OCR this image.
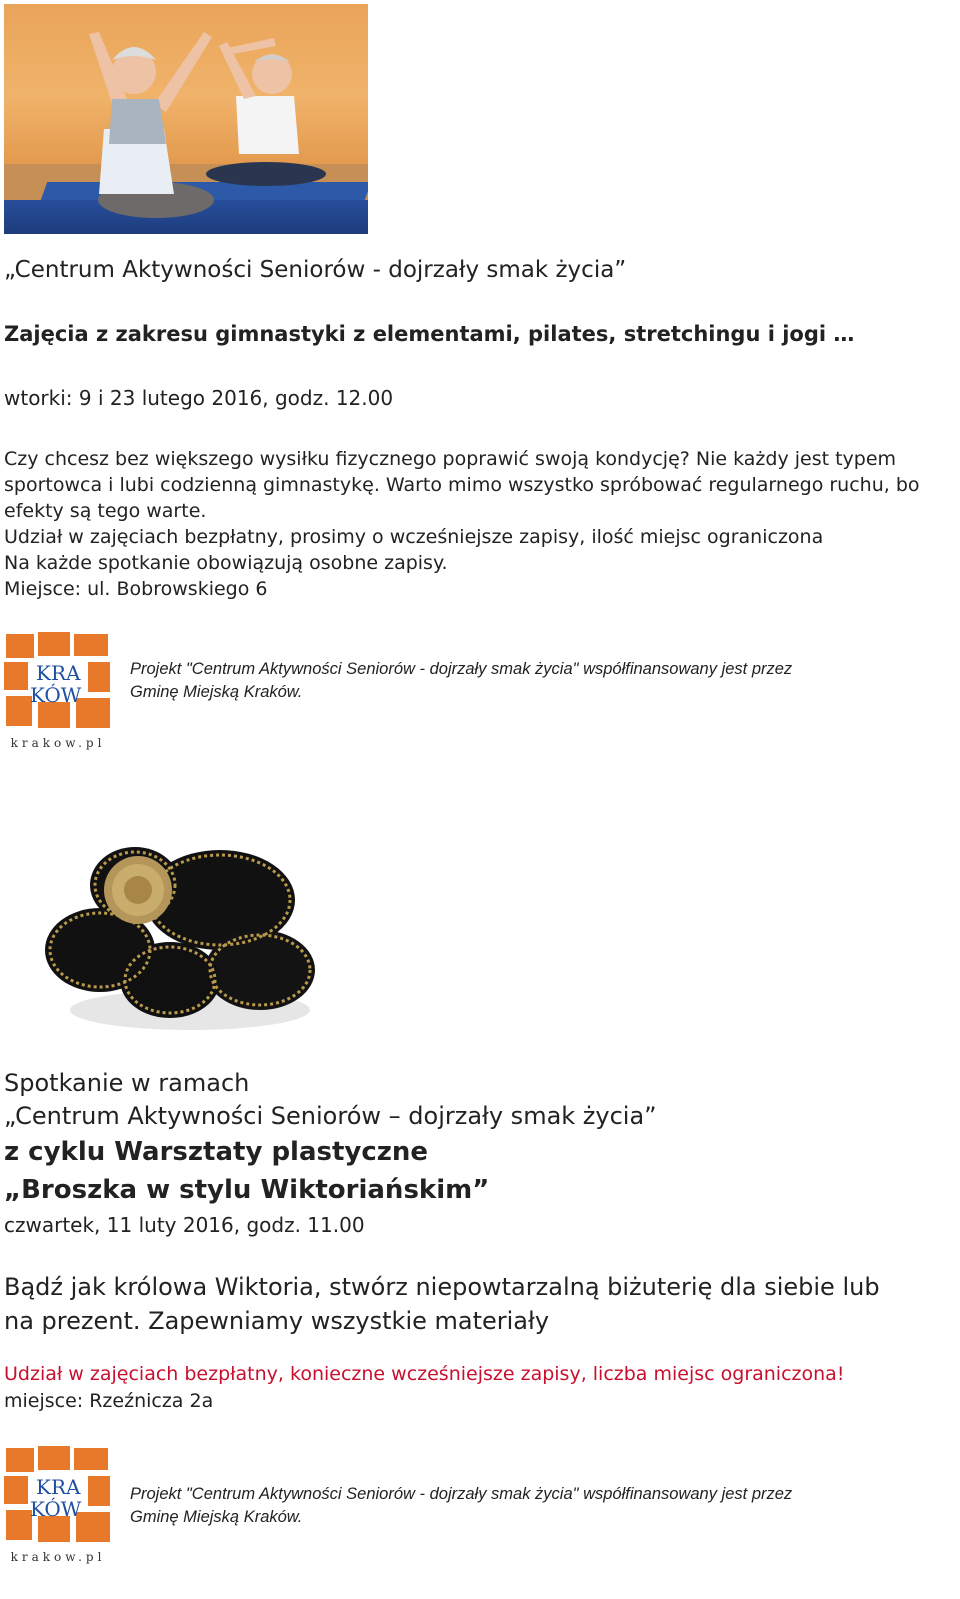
„Centrum Aktywności Seniorów - dojrzały smak życia”
Zajęcia z zakresu gimnastyki z elementami, pilates, stretchingu i jogi …
wtorki: 9 i 23 lutego 2016, godz. 12.00
Czy chcesz bez większego wysiłku fizycznego poprawić swoją kondycję? Nie każdy jest typem sportowca i lubi codzienną gimnastykę. Warto mimo wszystko spróbować regularnego ruchu, bo efekty są tego warte.
Udział w zajęciach bezpłatny, prosimy o wcześniejsze zapisy, ilość miejsc ograniczona
Na każde spotkanie obowiązują osobne zapisy.
Miejsce: ul. Bobrowskiego 6
KRA
KÓW
krakow.pl
Projekt "Centrum Aktywności Seniorów - dojrzały smak życia" współfinansowany jest przez
Gminę Miejską Kraków.
Spotkanie w ramach
„Centrum Aktywności Seniorów – dojrzały smak życia”
z cyklu Warsztaty plastyczne
„Broszka w stylu Wiktoriańskim”
czwartek, 11 luty 2016, godz. 11.00
Bądź jak królowa Wiktoria, stwórz niepowtarzalną biżuterię dla siebie lub na prezent. Zapewniamy wszystkie materiały
Udział w zajęciach bezpłatny, konieczne wcześniejsze zapisy, liczba miejsc ograniczona!
miejsce: Rzeźnicza 2a
KRA
KÓW
krakow.pl
Projekt "Centrum Aktywności Seniorów - dojrzały smak życia" współfinansowany jest przez
Gminę Miejską Kraków.
